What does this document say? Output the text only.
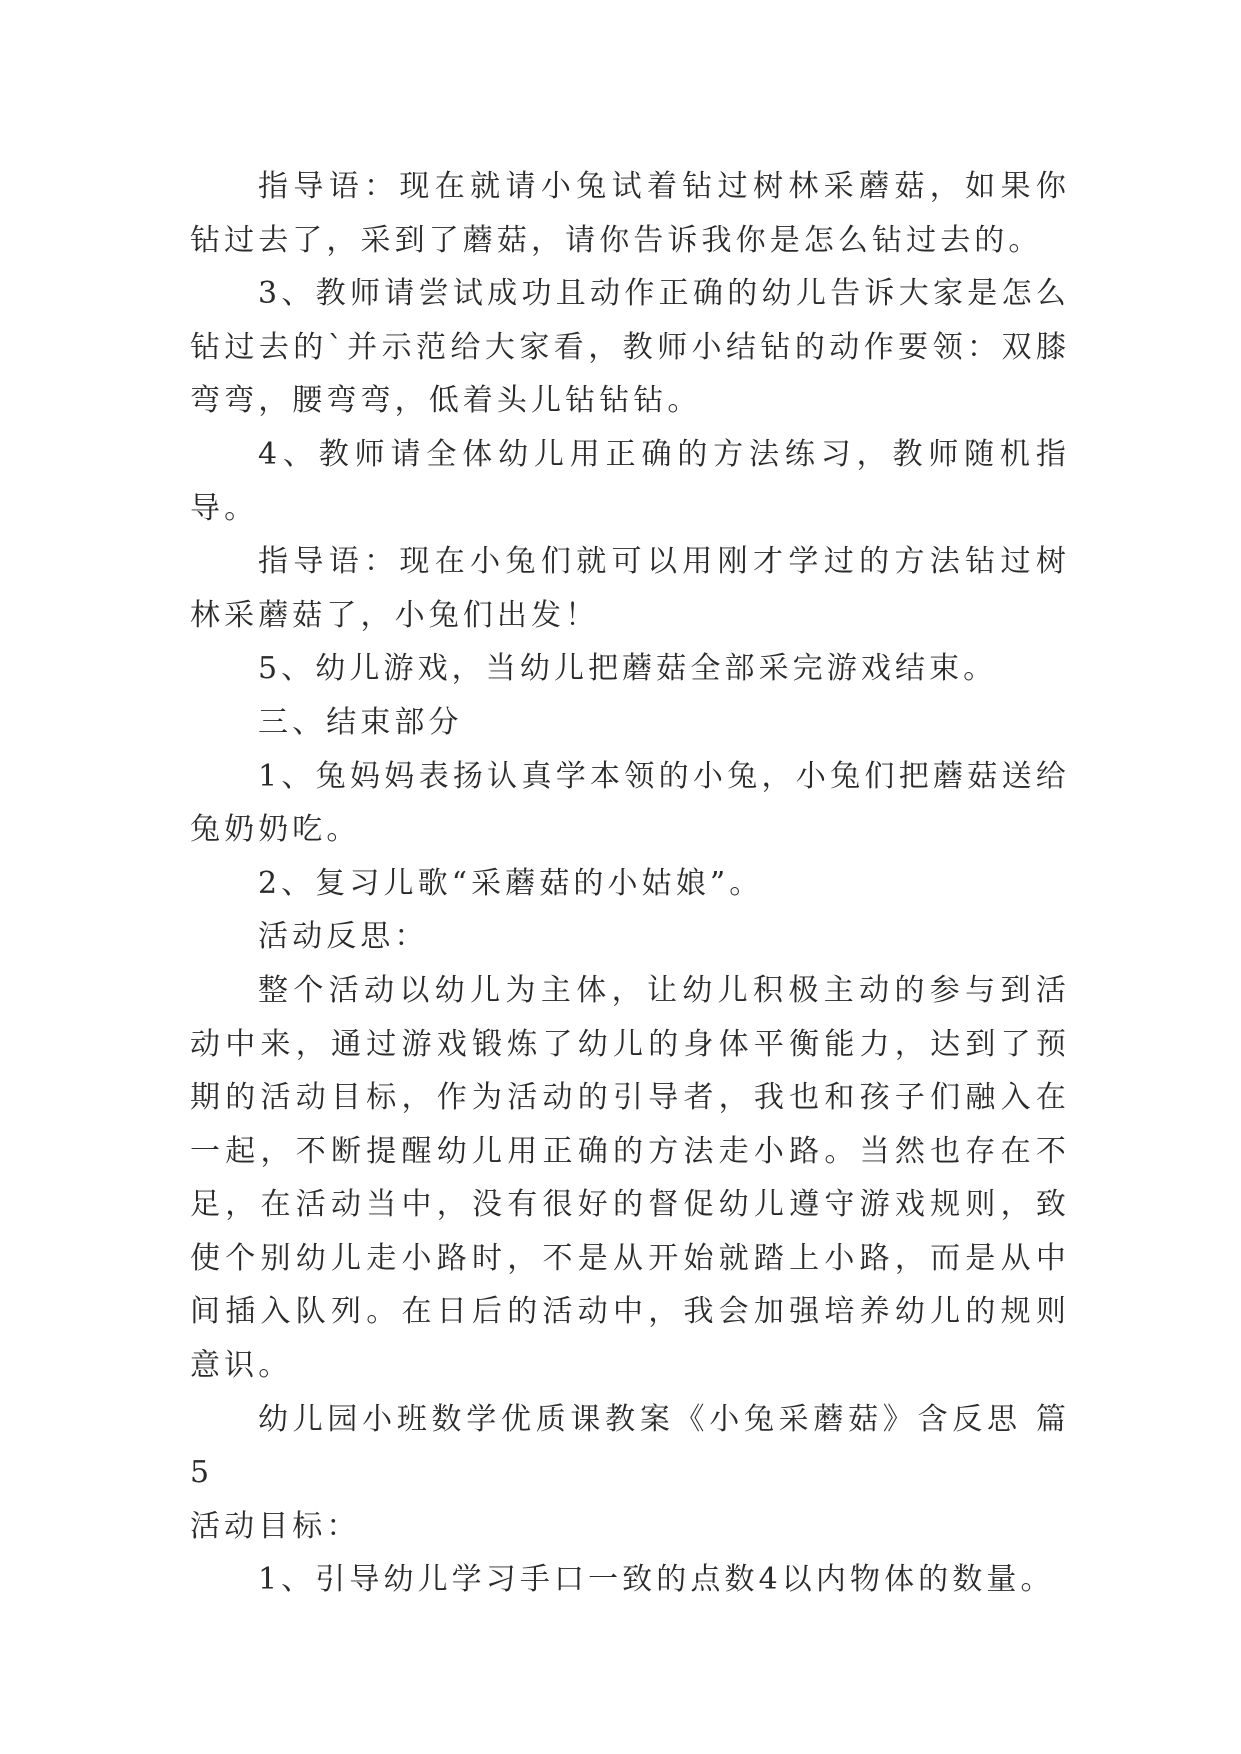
指导语：现在就请小兔试着钻过树林采蘑菇，如果你钻过去了，采到了蘑菇，请你告诉我你是怎么钻过去的。

3、教师请尝试成功且动作正确的幼儿告诉大家是怎么钻过去的`并示范给大家看，教师小结钻的动作要领：双膝弯弯，腰弯弯，低着头儿钻钻钻。

4、教师请全体幼儿用正确的方法练习，教师随机指导。

指导语：现在小兔们就可以用刚才学过的方法钻过树林采蘑菇了，小兔们出发！

5、幼儿游戏，当幼儿把蘑菇全部采完游戏结束。

三、结束部分

1、兔妈妈表扬认真学本领的小兔，小兔们把蘑菇送给兔奶奶吃。

2、复习儿歌“采蘑菇的小姑娘”。

活动反思：

整个活动以幼儿为主体，让幼儿积极主动的参与到活动中来，通过游戏锻炼了幼儿的身体平衡能力，达到了预期的活动目标，作为活动的引导者，我也和孩子们融入在一起，不断提醒幼儿用正确的方法走小路。当然也存在不足，在活动当中，没有很好的督促幼儿遵守游戏规则，致使个别幼儿走小路时，不是从开始就踏上小路，而是从中间插入队列。在日后的活动中，我会加强培养幼儿的规则意识。

幼儿园小班数学优质课教案《小兔采蘑菇》含反思 篇5

活动目标：

1、引导幼儿学习手口一致的点数4以内物体的数量。
